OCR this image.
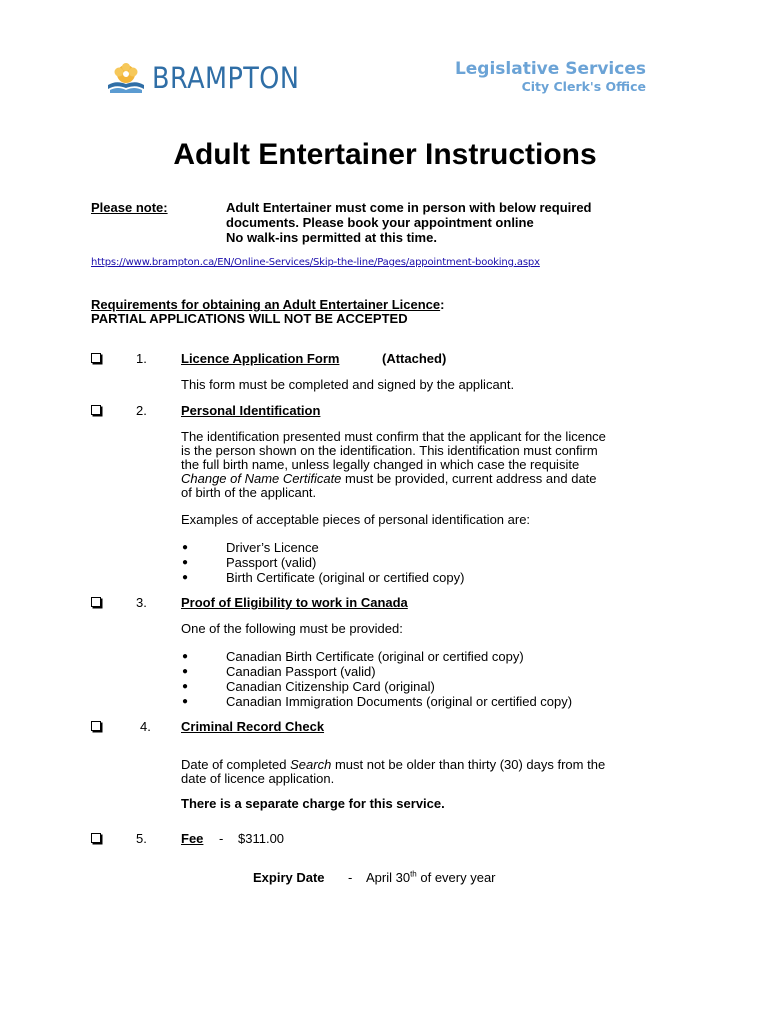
BRAMPTON	Legislative Services
City Clerk's Office
Adult Entertainer Instructions
Please note:	Adult Entertainer must come in person with below required
documents. Please book your appointment online
No walk-ins permitted at this time.
https://www.brampton.ca/EN/Online-Services/Skip-the-line/Pages/appointment-booking.aspx
Requirements for obtaining an Adult Entertainer Licence:
PARTIAL APPLICATIONS WILL NOT BE ACCEPTED
1.	Licence Application Form	(Attached)
This form must be completed and signed by the applicant.
2.	Personal Identification
The identification presented must confirm that the applicant for the licence
is the person shown on the identification. This identification must confirm
the full birth name, unless legally changed in which case the requisite
Change of Name Certificate must be provided, current address and date
of birth of the applicant.
Examples of acceptable pieces of personal identification are:
●	Driver’s Licence
●	Passport (valid)
●	Birth Certificate (original or certified copy)
3.	Proof of Eligibility to work in Canada
One of the following must be provided:
●	Canadian Birth Certificate (original or certified copy)
●	Canadian Passport (valid)
●	Canadian Citizenship Card (original)
●	Canadian Immigration Documents (original or certified copy)
4. Criminal Record Check
Date of completed Search must not be older than thirty (30) days from the
date of licence application.
There is a separate charge for this service.
5.	Fee - $311.00
Expiry Date - April 30th of every year
